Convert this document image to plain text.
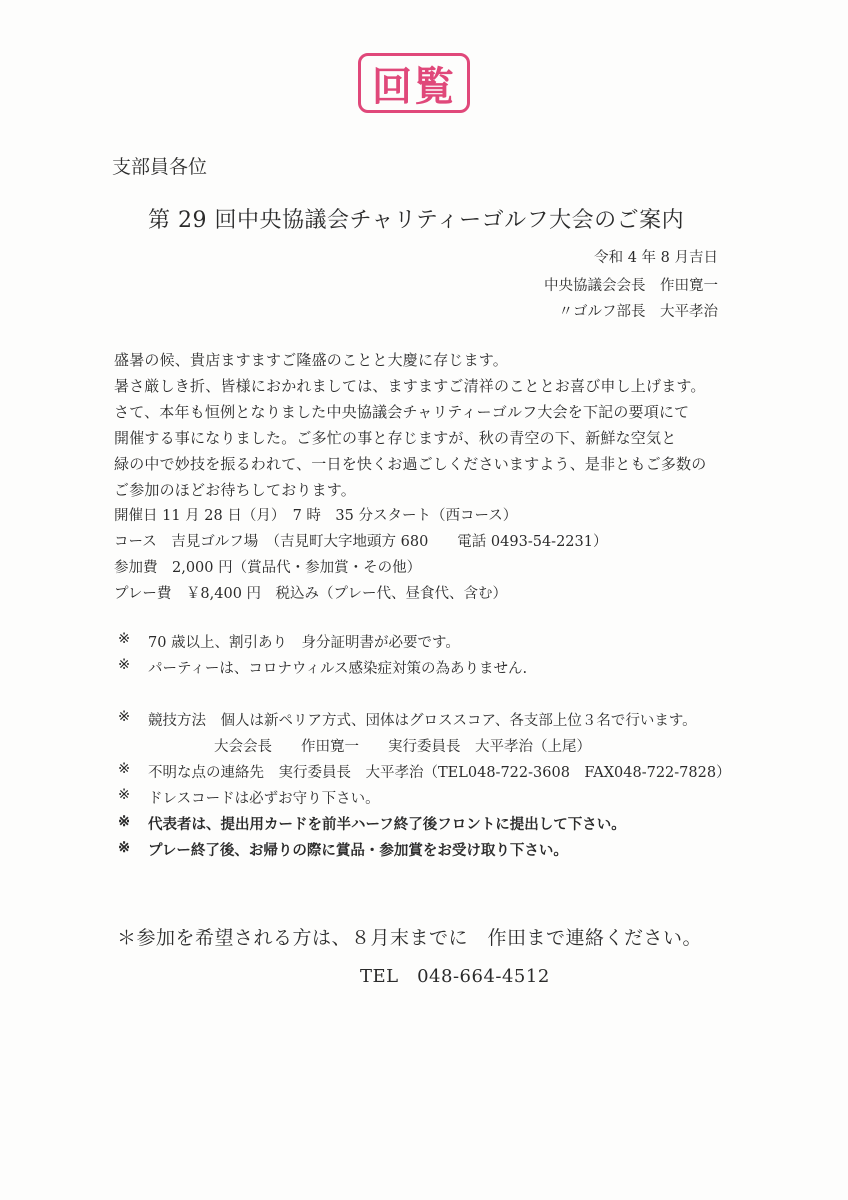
回覧
支部員各位
第 29 回中央協議会チャリティーゴルフ大会のご案内
令和 4 年 8 月吉日
中央協議会会長　作田寛一
〃ゴルフ部長　大平孝治
盛暑の候、貴店ますますご隆盛のことと大慶に存じます。
暑さ厳しき折、皆様におかれましては、ますますご清祥のこととお喜び申し上げます。
さて、本年も恒例となりました中央協議会チャリティーゴルフ大会を下記の要項にて
開催する事になりました。ご多忙の事と存じますが、秋の青空の下、新鮮な空気と
緑の中で妙技を振るわれて、一日を快くお過ごしくださいますよう、是非ともご多数の
ご参加のほどお待ちしております。
開催日 11 月 28 日（月）　7 時　35 分スタート（西コース）
コース　吉見ゴルフ場　（吉見町大字地頭方 680　　電話 0493-54-2231）
参加費　2,000 円（賞品代・参加賞・その他）
プレー費　￥8,400 円　税込み（プレー代、昼食代、含む）
※ 70 歳以上、割引あり　身分証明書が必要です。
※ パーティーは、コロナウィルス感染症対策の為ありません.
※ 競技方法　個人は新ペリア方式、団体はグロススコア、各支部上位３名で行います。
大会会長　　作田寛一　　実行委員長　大平孝治（上尾）
※ 不明な点の連絡先　実行委員長　大平孝治（TEL048-722-3608　FAX048-722-7828）
※ ドレスコードは必ずお守り下さい。
※ 代表者は、提出用カードを前半ハーフ終了後フロントに提出して下さい。
※ プレー終了後、お帰りの際に賞品・参加賞をお受け取り下さい。
＊参加を希望される方は、８月末までに　作田まで連絡ください。
TEL　048-664-4512
